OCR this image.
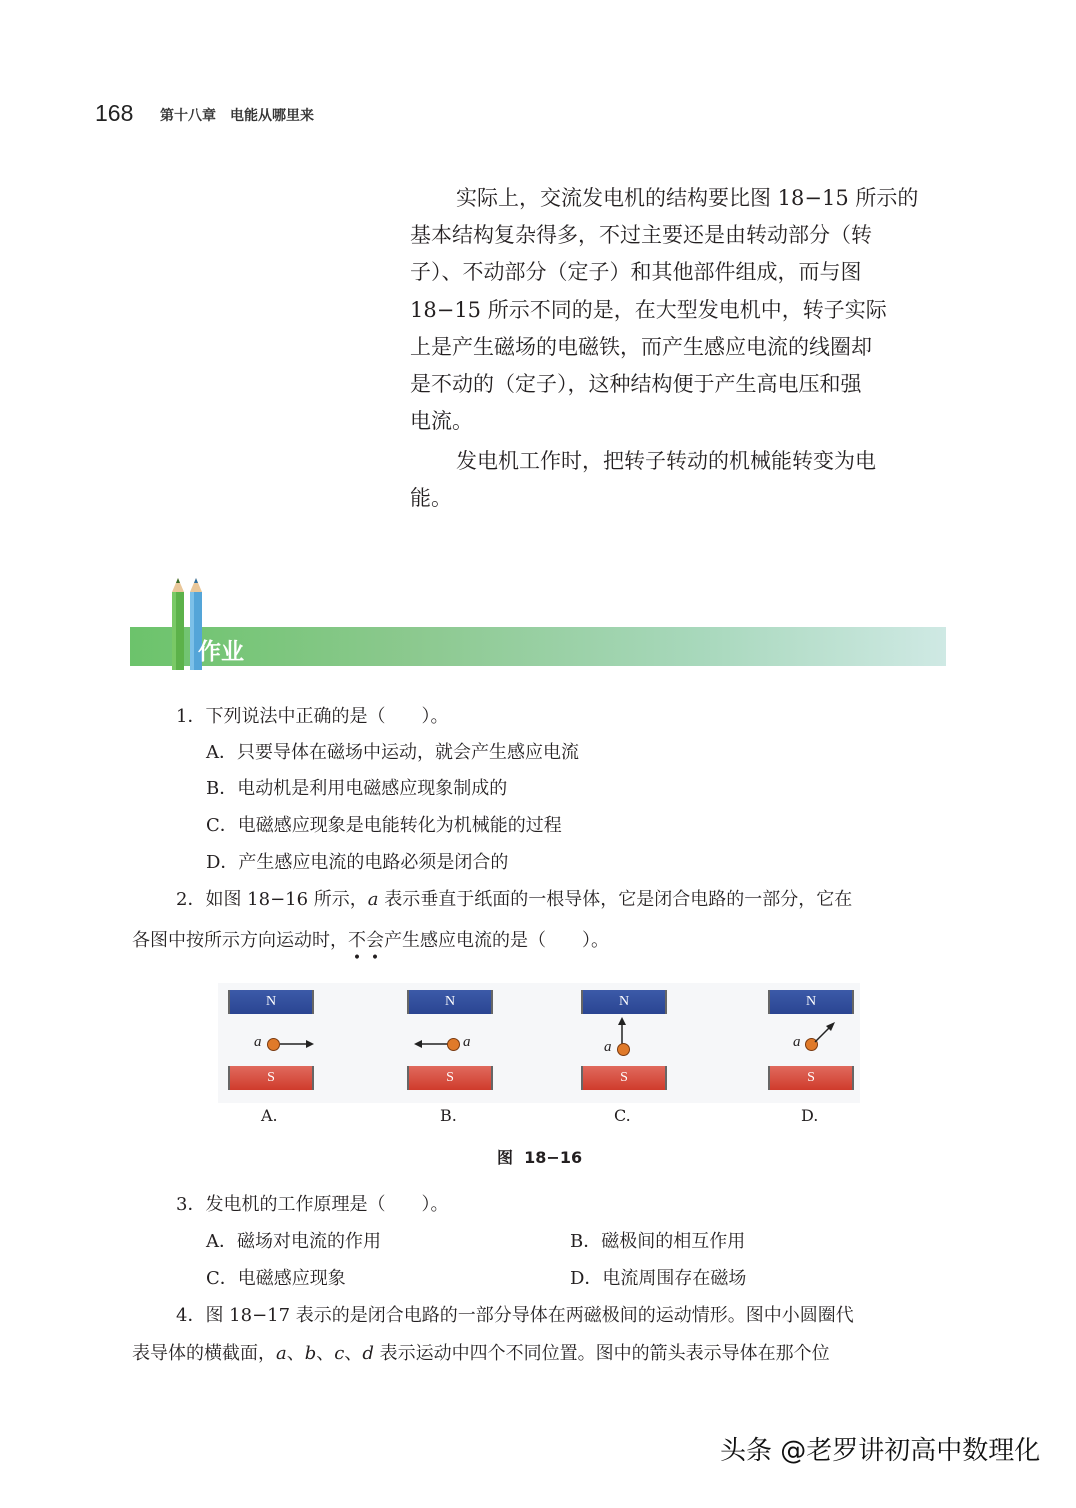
168 第十八章　电能从哪里来

实际上，交流发电机的结构要比图 18−15 所示的
基本结构复杂得多，不过主要还是由转动部分（转
子）、不动部分（定子）和其他部件组成，而与图
18−15 所示不同的是，在大型发电机中，转子实际
上是产生磁场的电磁铁，而产生感应电流的线圈却
是不动的（定子），这种结构便于产生高电压和强
电流。

发电机工作时，把转子转动的机械能转变为电
能。

作业
1．下列说法中正确的是（　　）。
A．只要导体在磁场中运动，就会产生感应电流
B．电动机是利用电磁感应现象制成的
C．电磁感应现象是电能转化为机械能的过程
D．产生感应电流的电路必须是闭合的
2．如图 18−16 所示，a 表示垂直于纸面的一根导体，它是闭合电路的一部分，它在
各图中按所示方向运动时，不会产生感应电流的是（　　）。
N
a
S
N
a
S
N
a
S
N
a
S
A.	B.	C.	D.
图  18−16
3．发电机的工作原理是（　　）。
A．磁场对电流的作用	B．磁极间的相互作用
C．电磁感应现象	D．电流周围存在磁场
4．图 18−17 表示的是闭合电路的一部分导体在两磁极间的运动情形。图中小圆圈代
表导体的横截面，a、b、c、d 表示运动中四个不同位置。图中的箭头表示导体在那个位
头条 @老罗讲初高中数理化
